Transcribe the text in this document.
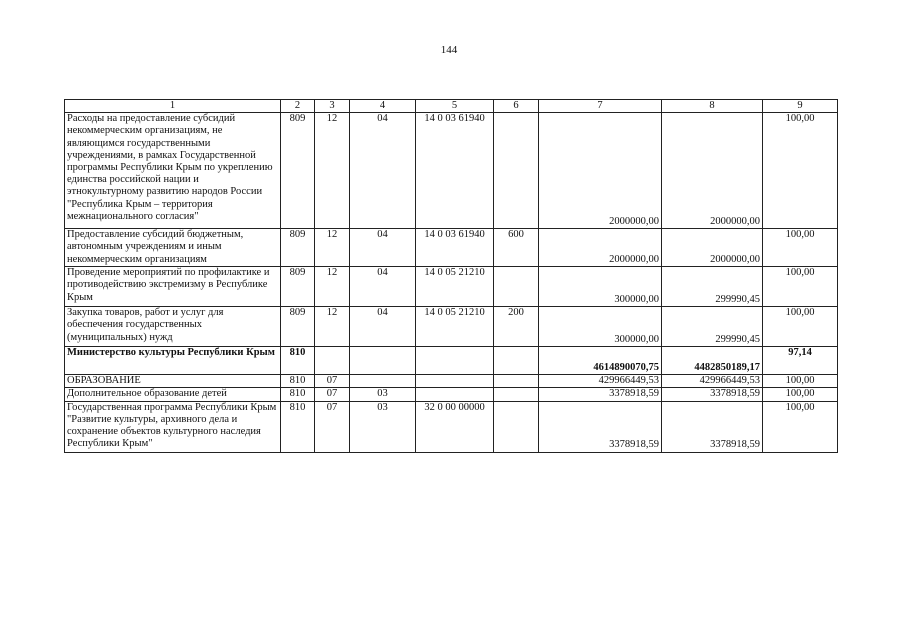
144
1	2	3	4	5	6	7	8	9
Расходы на предоставление субсидий некоммерческим организациям, не являющимся государственными учреждениями, в рамках Государственной программы Республики Крым по укреплению единства российской нации и этнокультурному развитию народов России "Республика Крым – территория межнационального согласия"	809	12	04	14 0 03 61940		2000000,00	2000000,00	100,00
Предоставление субсидий бюджетным, автономным учреждениям и иным некоммерческим организациям	809	12	04	14 0 03 61940	600	2000000,00	2000000,00	100,00
Проведение мероприятий по профилактике и противодействию экстремизму в Республике Крым	809	12	04	14 0 05 21210		300000,00	299990,45	100,00
Закупка товаров, работ и услуг для обеспечения государственных (муниципальных) нужд	809	12	04	14 0 05 21210	200	300000,00	299990,45	100,00
Министерство культуры Республики Крым	810					4614890070,75	4482850189,17	97,14
ОБРАЗОВАНИЕ	810	07				429966449,53	429966449,53	100,00
Дополнительное образование детей	810	07	03			3378918,59	3378918,59	100,00
Государственная программа Республики Крым "Развитие культуры, архивного дела и сохранение объектов культурного наследия Республики Крым"	810	07	03	32 0 00 00000		3378918,59	3378918,59	100,00
